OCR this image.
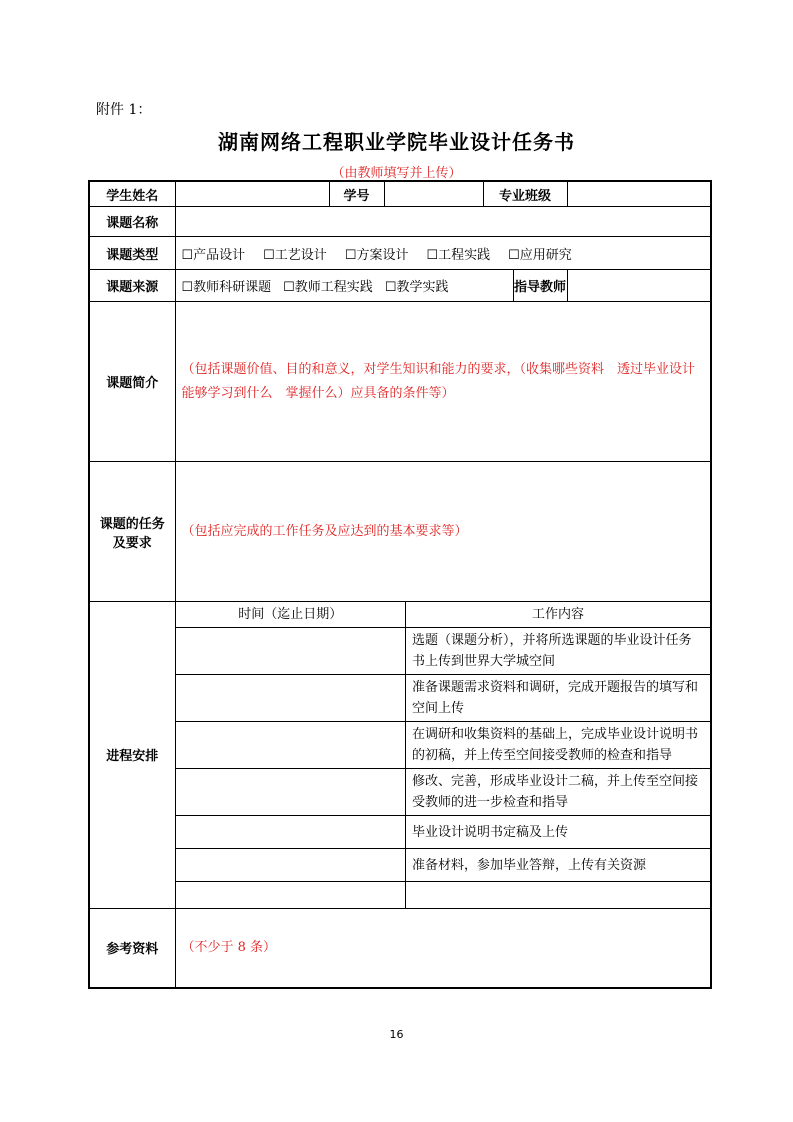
附件 1：
湖南网络工程职业学院毕业设计任务书
（由教师填写并上传）
学生姓名		学号	专业班级	
课题名称	
课题类型	☐产品设计 ☐工艺设计 ☐方案设计 ☐工程实践 ☐应用研究
课题来源	☐教师科研课题 ☐教师工程实践 ☐教学实践	指导教师

课题简介	（包括课题价值、目的和意义，对学生知识和能力的要求，（收集哪些资料　透过毕业设计能够学习到什么　掌握什么）应具备的条件等）

课题的任务
及要求
	（包括应完成的工作任务及应达到的基本要求等）
进程安排	
时间（迄止日期）	工作内容
	选题（课题分析），并将所选课题的毕业设计任务书上传到世界大学城空间
	准备课题需求资料和调研，完成开题报告的填写和空间上传
	在调研和收集资料的基础上，完成毕业设计说明书的初稿，并上传至空间接受教师的检查和指导
	修改、完善，形成毕业设计二稿，并上传至空间接受教师的进一步检查和指导
	毕业设计说明书定稿及上传
	准备材料，参加毕业答辩，上传有关资源

参考资料	（不少于 8 条）
16
